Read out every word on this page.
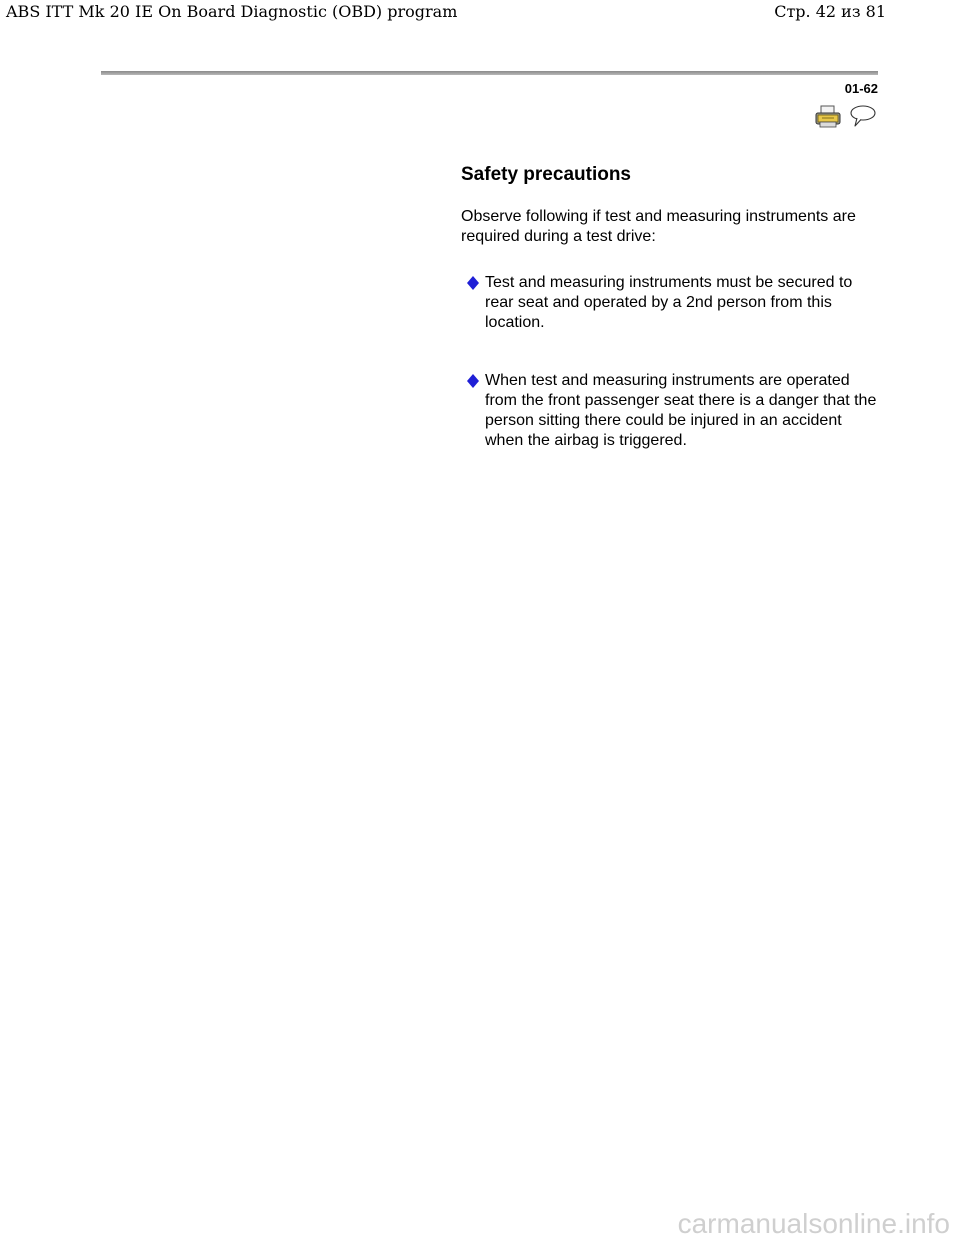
ABS ITT Mk 20 IE On Board Diagnostic (OBD) program	Стр. 42 из 81
01-62
Safety precautions

Observe following if test and measuring instruments are required during a test drive:

Test and measuring instruments must be secured to rear seat and operated by a 2nd person from this location.
When test and measuring instruments are operated from the front passenger seat there is a danger that the person sitting there could be injured in an accident when the airbag is triggered.
carmanualsonline.info
